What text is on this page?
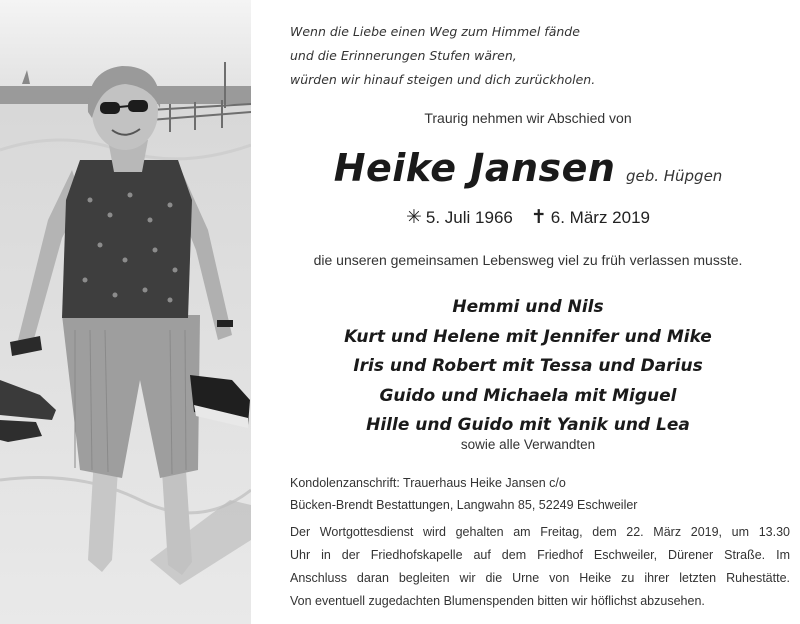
Wenn die Liebe einen Weg zum Himmel fände
und die Erinnerungen Stufen wären,
würden wir hinauf steigen und dich zurückholen.
Traurig nehmen wir Abschied von
Heike Jansen geb. Hüpgen
✳ 5. Juli 1966 ✝ 6. März 2019
die unseren gemeinsamen Lebensweg viel zu früh verlassen musste.
Hemmi und Nils
Kurt und Helene mit Jennifer und Mike
Iris und Robert mit Tessa und Darius
Guido und Michaela mit Miguel
Hille und Guido mit Yanik und Lea
sowie alle Verwandten
Kondolenzanschrift: Trauerhaus Heike Jansen c/o
Bücken-Brendt Bestattungen, Langwahn 85, 52249 Eschweiler
Der Wortgottesdienst wird gehalten am Freitag, dem 22. März 2019, um 13.30
Uhr in der Friedhofskapelle auf dem Friedhof Eschweiler, Dürener Straße. Im
Anschluss daran begleiten wir die Urne von Heike zu ihrer letzten Ruhestätte.
Von eventuell zugedachten Blumenspenden bitten wir höflichst abzusehen.
